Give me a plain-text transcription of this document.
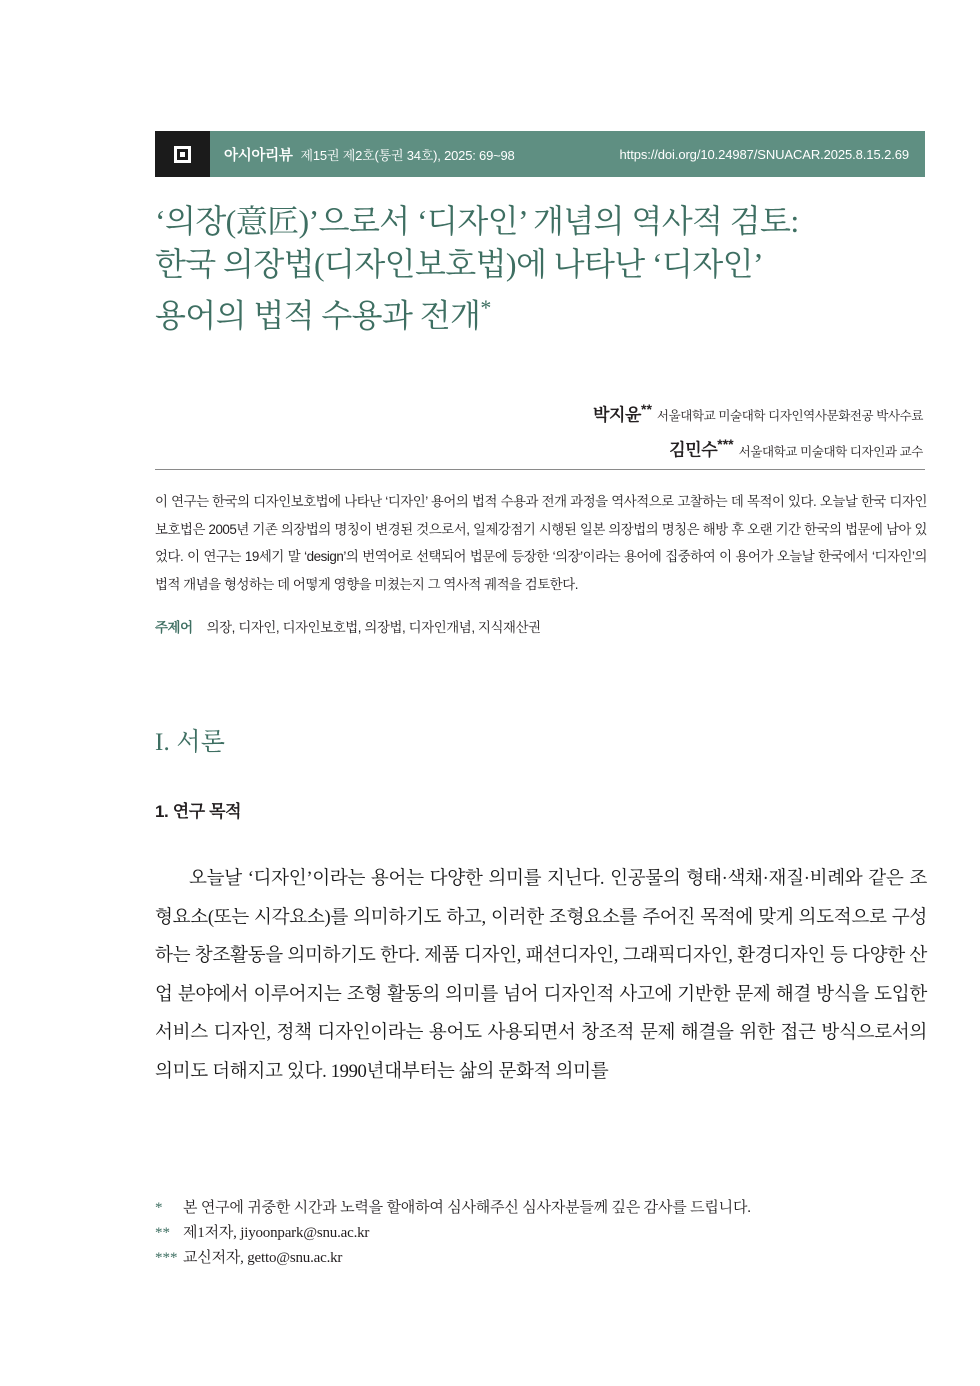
아시아리뷰 제15권 제2호(통권 34호), 2025: 69~98	https://doi.org/10.24987/SNUACAR.2025.8.15.2.69
‘의장(意匠)’으로서 ‘디자인’ 개념의 역사적 검토:
한국 의장법(디자인보호법)에 나타난 ‘디자인’
용어의 법적 수용과 전개*
박지윤** 서울대학교 미술대학 디자인역사문화전공 박사수료
김민수*** 서울대학교 미술대학 디자인과 교수
이 연구는 한국의 디자인보호법에 나타난 ‘디자인’ 용어의 법적 수용과 전개 과정을 역사적으로 고찰하는 데 목적이 있다. 오늘날 한국 디자인보호법은 2005년 기존 의장법의 명칭이 변경된 것으로서, 일제강점기 시행된 일본 의장법의 명칭은 해방 후 오랜 기간 한국의 법문에 남아 있었다. 이 연구는 19세기 말 ‘design’의 번역어로 선택되어 법문에 등장한 ‘의장’이라는 용어에 집중하여 이 용어가 오늘날 한국에서 ‘디자인’의 법적 개념을 형성하는 데 어떻게 영향을 미쳤는지 그 역사적 궤적을 검토한다.
주제어 의장, 디자인, 디자인보호법, 의장법, 디자인개념, 지식재산권
I. 서론
1. 연구 목적
오늘날 ‘디자인’이라는 용어는 다양한 의미를 지닌다. 인공물의 형태·색채·재질·비례와 같은 조형요소(또는 시각요소)를 의미하기도 하고, 이러한 조형요소를 주어진 목적에 맞게 의도적으로 구성하는 창조활동을 의미하기도 한다. 제품 디자인, 패션디자인, 그래픽디자인, 환경디자인 등 다양한 산업 분야에서 이루어지는 조형 활동의 의미를 넘어 디자인적 사고에 기반한 문제 해결 방식을 도입한 서비스 디자인, 정책 디자인이라는 용어도 사용되면서 창조적 문제 해결을 위한 접근 방식으로서의 의미도 더해지고 있다. 1990년대부터는 삶의 문화적 의미를
*	본 연구에 귀중한 시간과 노력을 할애하여 심사해주신 심사자분들께 깊은 감사를 드립니다.
** 제1저자, jiyoonpark@snu.ac.kr
*** 교신저자, getto@snu.ac.kr
